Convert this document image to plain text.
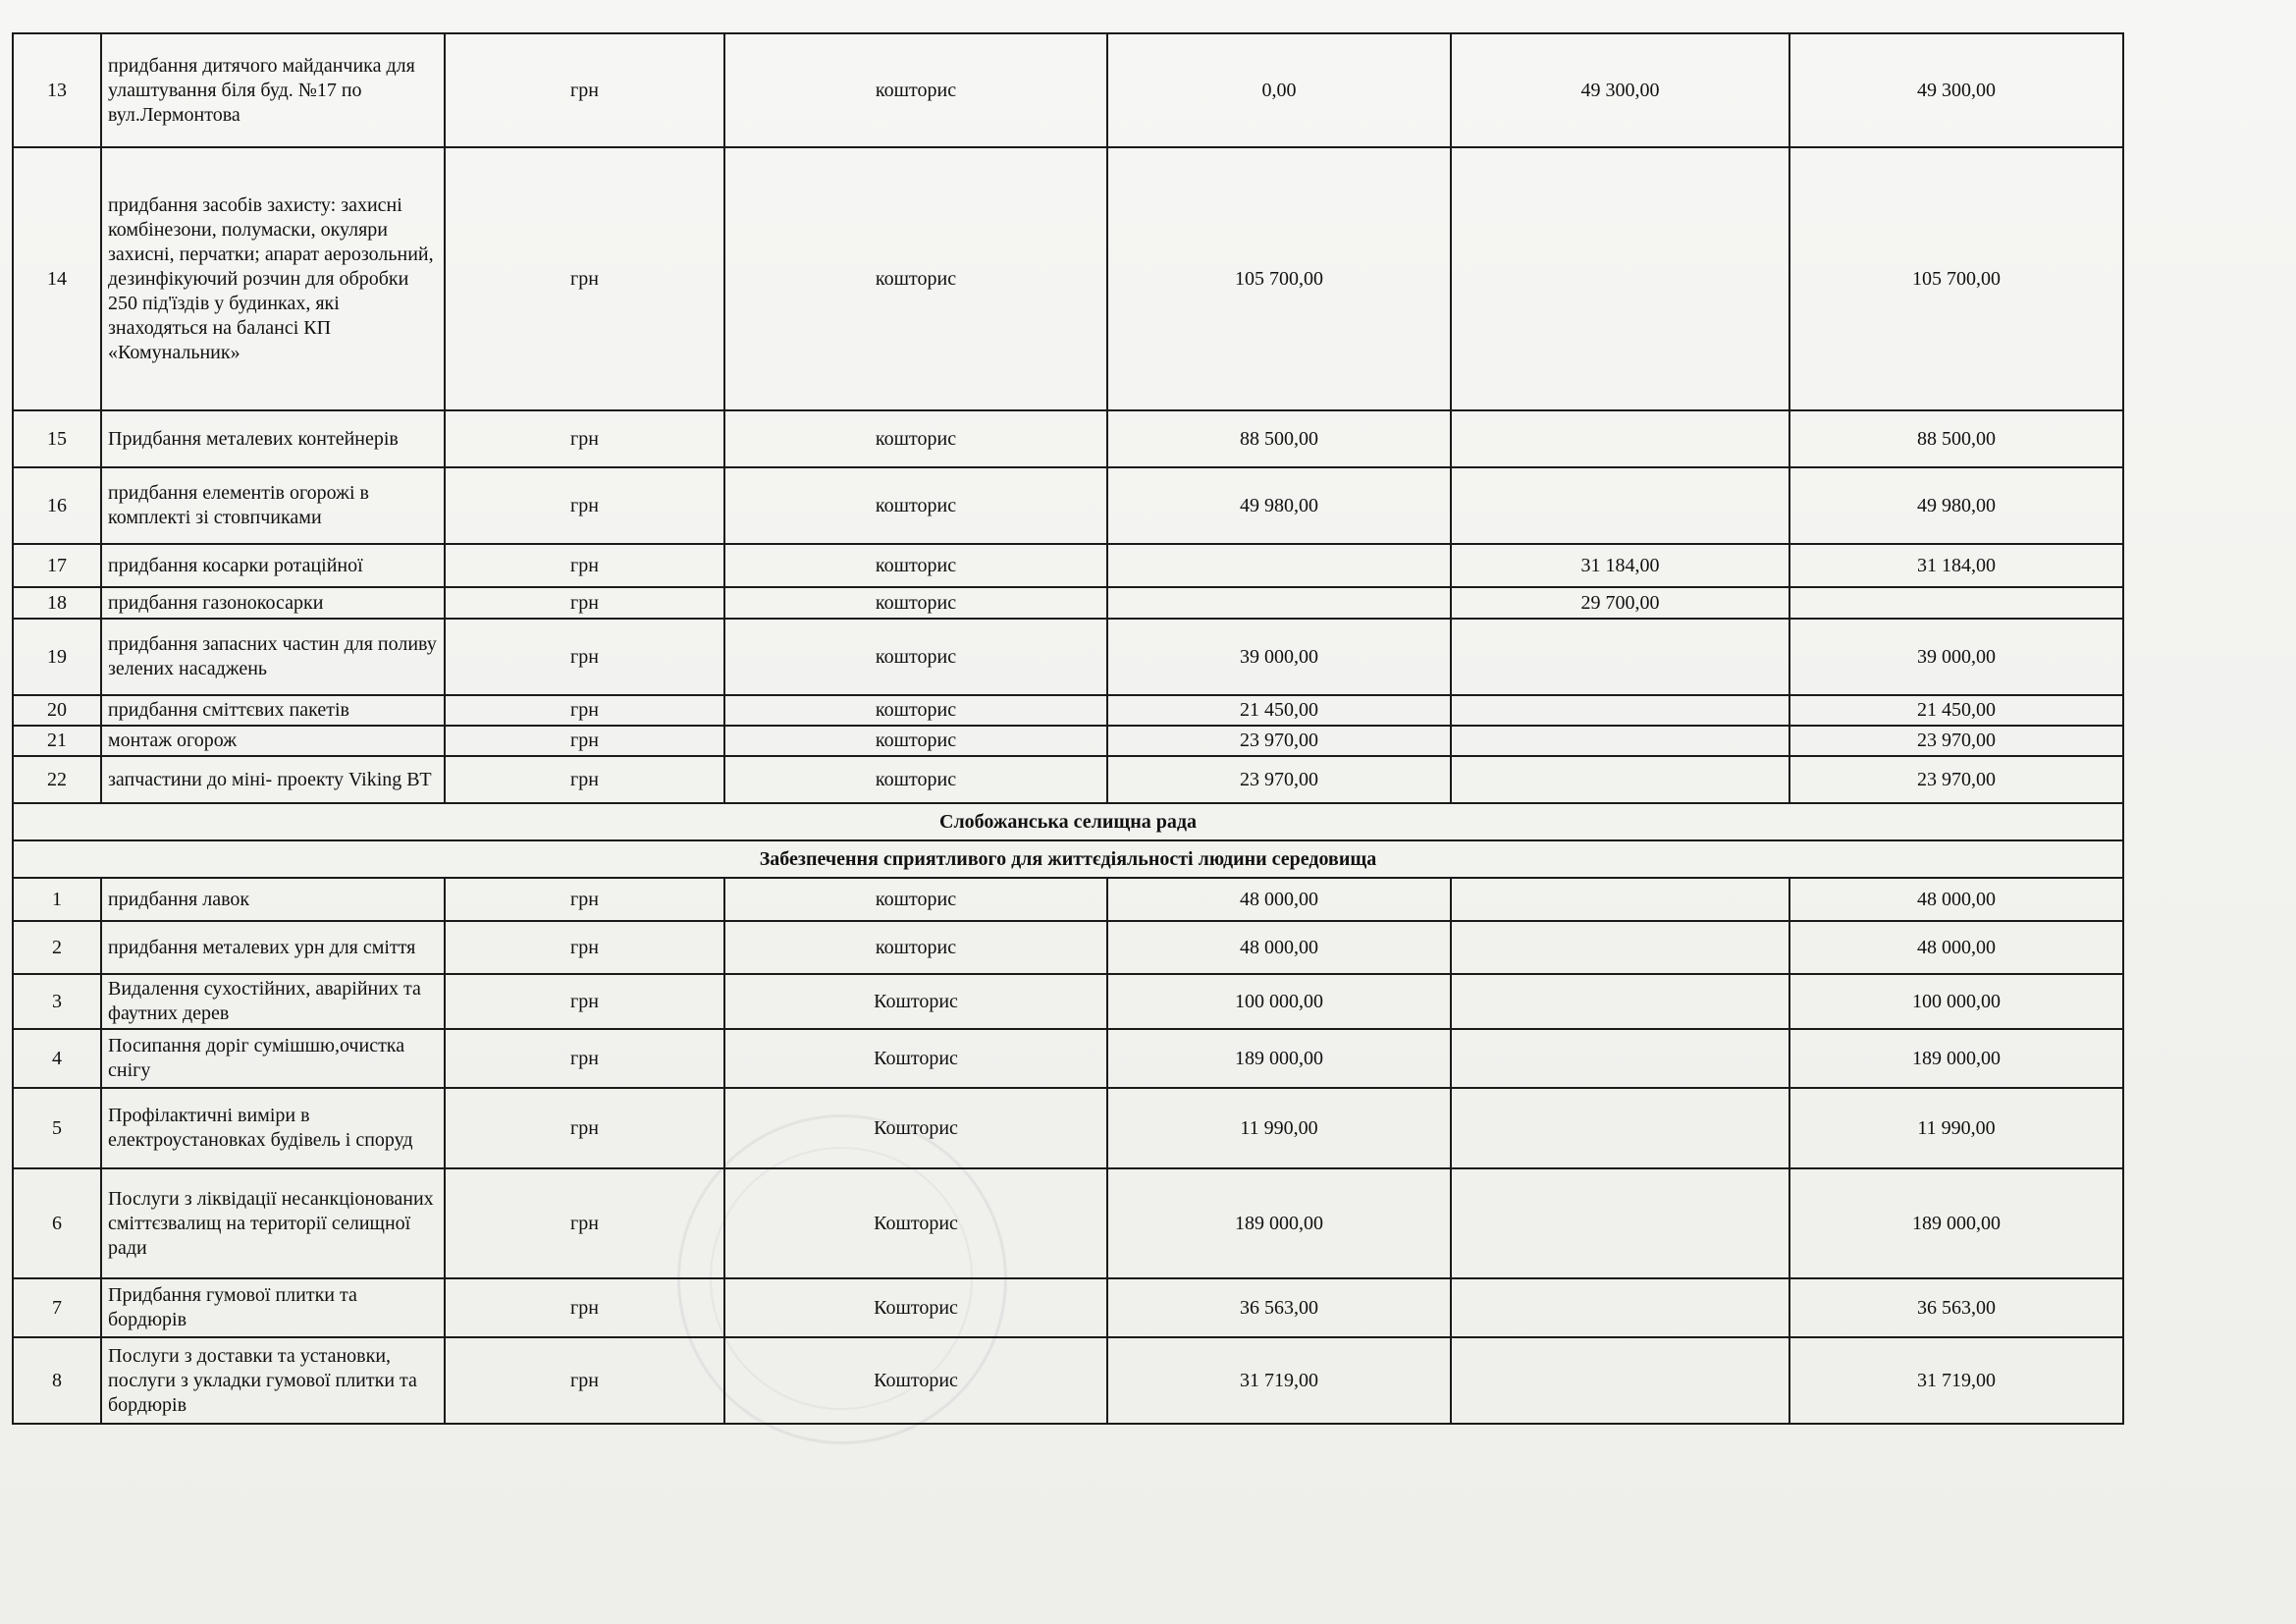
13	придбання дитячого майданчика для улаштування біля буд. №17 по вул.Лермонтова	грн	кошторис	0,00	49 300,00	49 300,00
14	придбання засобів захисту: захисні комбінезони, полумаски, окуляри захисні, перчатки; апарат аерозольний, дезинфікуючий розчин для обробки 250 під'їздів у будинках, які знаходяться на балансі КП «Комунальник»	грн	кошторис	105 700,00		105 700,00
15	Придбання металевих контейнерів	грн	кошторис	88 500,00		88 500,00
16	придбання елементів огорожі в комплекті зі стовпчиками	грн	кошторис	49 980,00		49 980,00
17	придбання косарки ротаційної	грн	кошторис		31 184,00	31 184,00
18	придбання газонокосарки	грн	кошторис		29 700,00	
19	придбання запасних частин для поливу зелених насаджень	грн	кошторис	39 000,00		39 000,00
20	придбання сміттєвих пакетів	грн	кошторис	21 450,00		21 450,00
21	монтаж огорож	грн	кошторис	23 970,00		23 970,00
22	запчастини до міні- проекту Viking ВТ	грн	кошторис	23 970,00		23 970,00
Слобожанська селищна рада						
Забезпечення сприятливого для життєдіяльності людини середовища						
1	придбання лавок	грн	кошторис	48 000,00		48 000,00
2	придбання металевих урн для сміття	грн	кошторис	48 000,00		48 000,00
3	Видалення сухостійних, аварійних та фаутних дерев	грн	Кошторис	100 000,00		100 000,00
4	Посипання доріг сумішшю,очистка снігу	грн	Кошторис	189 000,00		189 000,00
5	Профілактичні виміри в електроустановках будівель і споруд	грн	Кошторис	11 990,00		11 990,00
6	Послуги з ліквідації несанкціонованих сміттєзвалищ на території селищної ради	грн	Кошторис	189 000,00		189 000,00
7	Придбання гумової плитки та бордюрів	грн	Кошторис	36 563,00		36 563,00
8	Послуги з доставки та установки, послуги з укладки гумової плитки та бордюрів	грн	Кошторис	31 719,00		31 719,00
